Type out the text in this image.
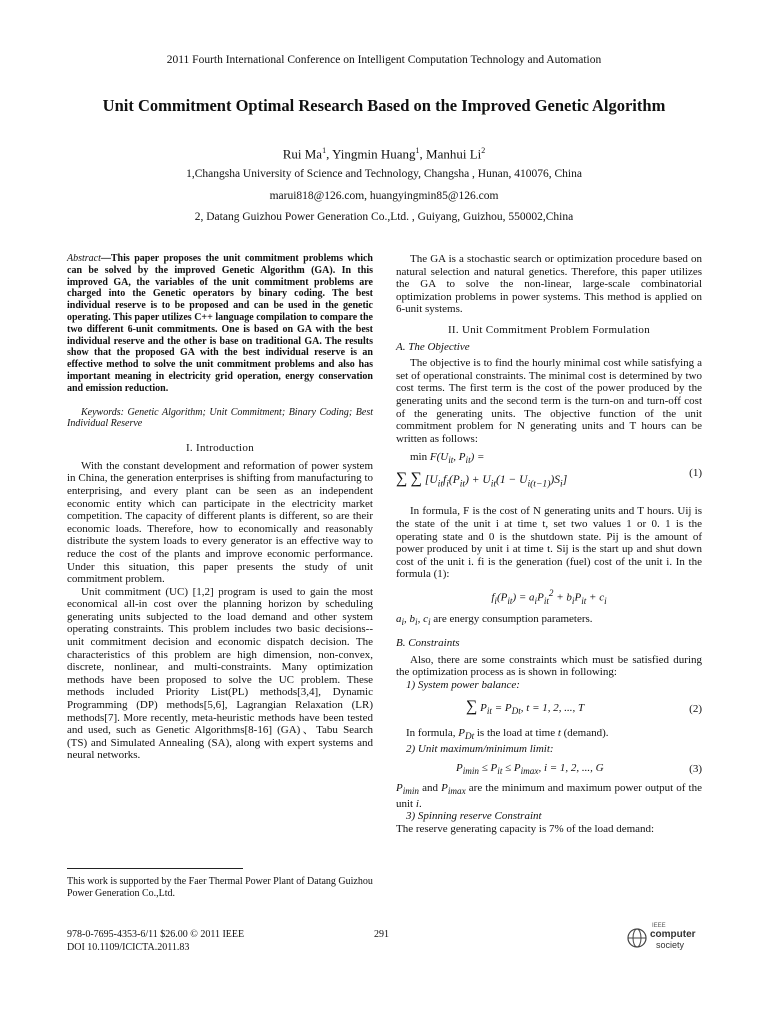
2011 Fourth International Conference on Intelligent Computation Technology and Automation
Unit Commitment Optimal Research Based on the Improved Genetic Algorithm
Rui Ma$^1$, Yingmin Huang$^1$, Manhui Li$^2$
1,Changsha University of Science and Technology, Changsha , Hunan, 410076, China
marui818@126.com, huangyingmin85@126.com
2, Datang Guizhou Power Generation Co.,Ltd. , Guiyang, Guizhou, 550002,China

Abstract—This paper proposes the unit commitment problems which can be solved by the improved Genetic Algorithm (GA). In this improved GA, the variables of the unit commitment problems are charged into the Genetic operators by binary coding. The best individual reserve is to be proposed and can be used in the genetic operating. This paper utilizes C++ language compilation to compare the two different 6-unit commitments. One is based on GA with the best individual reserve and the other is base on traditional GA. The results show that the proposed GA with the best individual reserve is an effective method to solve the unit commitment problems and also has important meaning in electricity grid operation, energy conservation and emission reduction.

Keywords: Genetic Algorithm; Unit Commitment; Binary Coding; Best Individual Reserve

I. Introduction

With the constant development and reformation of power system in China, the generation enterprises is shifting from manufacturing to enterprising, and every plant can be seen as an independent economic entity which can participate in the electricity market competition. The capacity of different plants is different, so are their economic loads. Therefore, how to economically and reasonably distribute the system loads to every generator is an effective way to reduce the cost of the plants and improve economic performance. Under this situation, this paper presents the study of unit commitment problem.

Unit commitment (UC) [1,2] program is used to gain the most economical all-in cost over the planning horizon by scheduling generating units subjected to the load demand and other system operating constraints. This problem includes two basic decisions--unit commitment decision and economic dispatch decision. The characteristics of this problem are high dimension, non-convex, discrete, nonlinear, and multi-constraints. Many optimization methods have been proposed to solve the UC problem. These methods included Priority List(PL) methods[3,4], Dynamic Programming (DP) methods[5,6], Lagrangian Relaxation (LR) methods[7]. More recently, meta-heuristic methods have been tested and used, such as Genetic Algorithms[8-16] (GA)、Tabu Search (TS) and Simulated Annealing (SA), along with expert systems and neural networks.

This work is supported by the Faer Thermal Power Plant of Datang Guizhou Power Generation Co.,Ltd.

The GA is a stochastic search or optimization procedure based on natural selection and natural genetics. Therefore, this paper utilizes the GA to solve the non-linear, large-scale combinatorial optimization problems in power systems. This method is applied on 6-unit systems.

II. Unit Commitment Problem Formulation
A. The Objective

The objective is to find the hourly minimal cost while satisfying a set of operational constraints. The minimal cost is determined by two cost terms. The first term is the cost of the power produced by the generating units and the second term is the turn-on and turn-off cost of the generating units. The objective function of the unit commitment problem for N generating units and T hours can be written as follows:

$\min F(U_{it}$, $P_{it}$) =
∑ ∑ $[U_{it}f_i(P_{it}) + U_{it}(1 - U_{i(t-1)})S_i]$
(1)

In formula, F is the cost of N generating units and T hours. Uij is the state of the unit i at time t, set two values 1 or 0. 1 is the operating state and 0 is the shutdown state. Pij is the amount of power produced by unit i at time t. Sij is the start up and shut down cost of the unit i. fi is the generation (fuel) cost of the unit i. In the formula (1):

$f_i(P_{it}) = a_iP_{it}^2 + b_iP_{it} + c_i$
$a_i$, $b_i$, $c_i$ are energy consumption parameters.
B. Constraints

Also, there are some constraints which must be satisfied during the optimization process as is shown in following:

1) System power balance:
∑ $P_{it} = P_{Dt}$, t = 1, 2, ..., T	(2)
In formula, $P_{Dt}$ is the load at time t (demand).
2) Unit maximum/minimum limit:
$P_{imin} \le P_{it} \le P_{imax}$, i = 1, 2, ..., G	(3)
$P_{imin}$ and $P_{imax}$ are the minimum and maximum power output of the unit i.
3) Spinning reserve Constraint
The reserve generating capacity is 7% of the load demand:
978-0-7695-4353-6/11 $26.00 © 2011 IEEE
DOI 10.1109/ICICTA.2011.83
291
IEEE
computer
society
